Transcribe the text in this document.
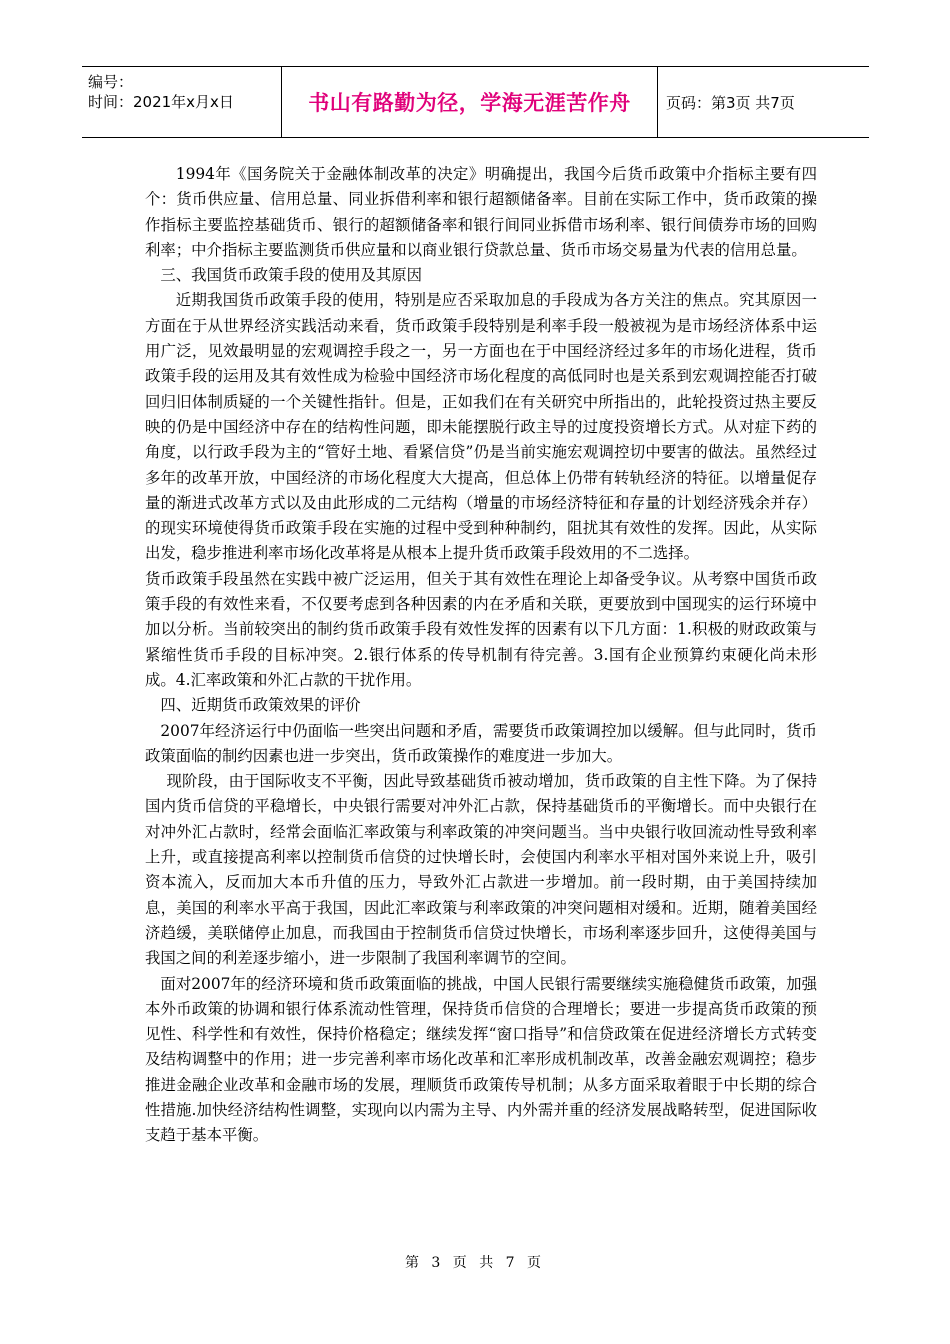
编号：
时间：2021年x月x日	书山有路勤为径，学海无涯苦作舟	页码：第3页 共7页

1994年《国务院关于金融体制改革的决定》明确提出，我国今后货币政策中介指标主要有四个：货币供应量、信用总量、同业拆借利率和银行超额储备率。目前在实际工作中，货币政策的操作指标主要监控基础货币、银行的超额储备率和银行间同业拆借市场利率、银行间债券市场的回购利率；中介指标主要监测货币供应量和以商业银行贷款总量、货币市场交易量为代表的信用总量。

三、我国货币政策手段的使用及其原因

近期我国货币政策手段的使用，特别是应否采取加息的手段成为各方关注的焦点。究其原因一方面在于从世界经济实践活动来看，货币政策手段特别是利率手段一般被视为是市场经济体系中运用广泛，见效最明显的宏观调控手段之一，另一方面也在于中国经济经过多年的市场化进程，货币政策手段的运用及其有效性成为检验中国经济市场化程度的高低同时也是关系到宏观调控能否打破回归旧体制质疑的一个关键性指针。但是，正如我们在有关研究中所指出的，此轮投资过热主要反映的仍是中国经济中存在的结构性问题，即未能摆脱行政主导的过度投资增长方式。从对症下药的角度，以行政手段为主的“管好土地、看紧信贷”仍是当前实施宏观调控切中要害的做法。虽然经过多年的改革开放，中国经济的市场化程度大大提高，但总体上仍带有转轨经济的特征。以增量促存量的渐进式改革方式以及由此形成的二元结构（增量的市场经济特征和存量的计划经济残余并存）的现实环境使得货币政策手段在实施的过程中受到种种制约，阻扰其有效性的发挥。因此，从实际出发，稳步推进利率市场化改革将是从根本上提升货币政策手段效用的不二选择。

货币政策手段虽然在实践中被广泛运用，但关于其有效性在理论上却备受争议。从考察中国货币政策手段的有效性来看，不仅要考虑到各种因素的内在矛盾和关联，更要放到中国现实的运行环境中加以分析。当前较突出的制约货币政策手段有效性发挥的因素有以下几方面：1.积极的财政政策与紧缩性货币手段的目标冲突。2.银行体系的传导机制有待完善。3.国有企业预算约束硬化尚未形成。4.汇率政策和外汇占款的干扰作用。

四、近期货币政策效果的评价

2007年经济运行中仍面临一些突出问题和矛盾，需要货币政策调控加以缓解。但与此同时，货币政策面临的制约因素也进一步突出，货币政策操作的难度进一步加大。

现阶段，由于国际收支不平衡，因此导致基础货币被动增加，货币政策的自主性下降。为了保持国内货币信贷的平稳增长，中央银行需要对冲外汇占款，保持基础货币的平衡增长。而中央银行在对冲外汇占款时，经常会面临汇率政策与利率政策的冲突问题当。当中央银行收回流动性导致利率上升，或直接提高利率以控制货币信贷的过快增长时，会使国内利率水平相对国外来说上升，吸引资本流入，反而加大本币升值的压力，导致外汇占款进一步增加。前一段时期，由于美国持续加息，美国的利率水平高于我国，因此汇率政策与利率政策的冲突问题相对缓和。近期，随着美国经济趋缓，美联储停止加息，而我国由于控制货币信贷过快增长，市场利率逐步回升，这使得美国与我国之间的利差逐步缩小，进一步限制了我国利率调节的空间。

面对2007年的经济环境和货币政策面临的挑战，中国人民银行需要继续实施稳健货币政策，加强本外币政策的协调和银行体系流动性管理，保持货币信贷的合理增长；要进一步提高货币政策的预见性、科学性和有效性，保持价格稳定；继续发挥“窗口指导”和信贷政策在促进经济增长方式转变及结构调整中的作用；进一步完善利率市场化改革和汇率形成机制改革，改善金融宏观调控；稳步推进金融企业改革和金融市场的发展，理顺货币政策传导机制；从多方面采取着眼于中长期的综合性措施.加快经济结构性调整，实现向以内需为主导、内外需并重的经济发展战略转型，促进国际收支趋于基本平衡。

第 3 页 共 7 页
